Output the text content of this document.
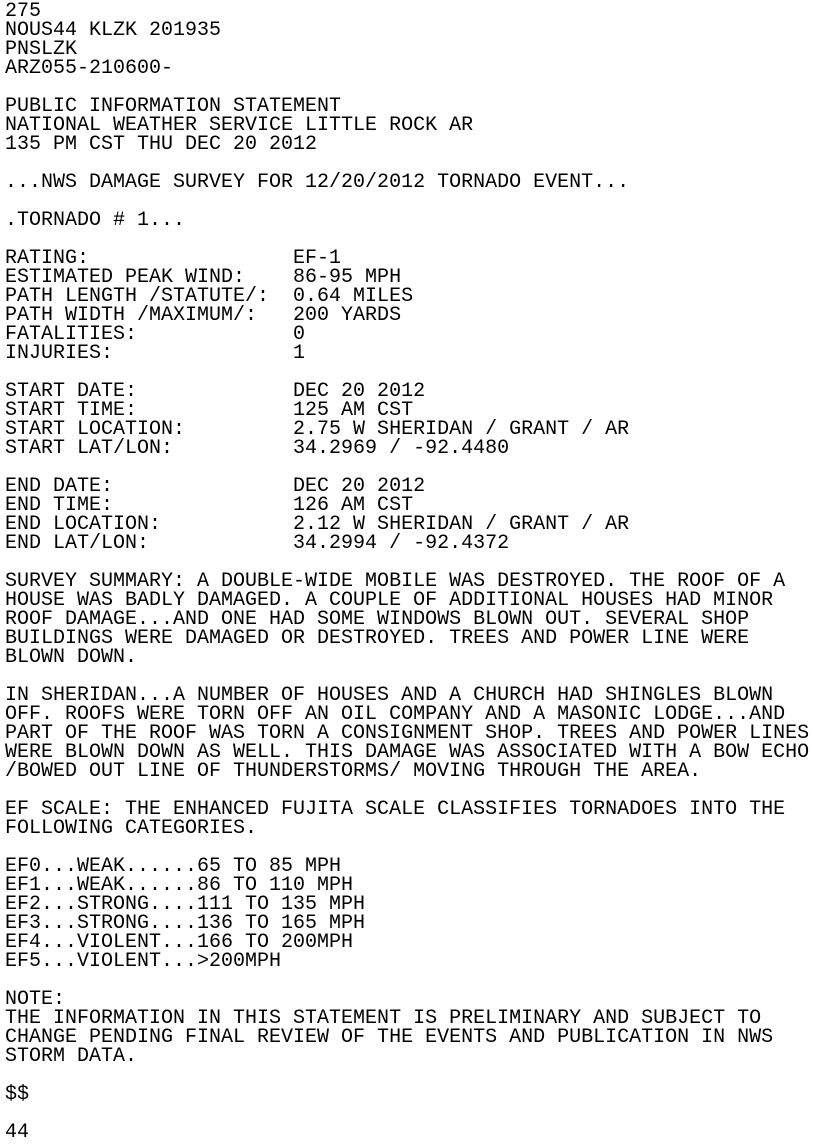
275
NOUS44 KLZK 201935
PNSLZK
ARZ055-210600-
PUBLIC INFORMATION STATEMENT
NATIONAL WEATHER SERVICE LITTLE ROCK AR
135 PM CST THU DEC 20 2012
...NWS DAMAGE SURVEY FOR 12/20/2012 TORNADO EVENT...
.TORNADO # 1...
RATING:                 EF-1
ESTIMATED PEAK WIND:    86-95 MPH
PATH LENGTH /STATUTE/:  0.64 MILES
PATH WIDTH /MAXIMUM/:   200 YARDS
FATALITIES:             0
INJURIES:               1
START DATE:             DEC 20 2012
START TIME:             125 AM CST
START LOCATION:         2.75 W SHERIDAN / GRANT / AR
START LAT/LON:          34.2969 / -92.4480
END DATE:               DEC 20 2012
END TIME:               126 AM CST
END LOCATION:           2.12 W SHERIDAN / GRANT / AR
END LAT/LON:            34.2994 / -92.4372
SURVEY SUMMARY: A DOUBLE-WIDE MOBILE WAS DESTROYED. THE ROOF OF A
HOUSE WAS BADLY DAMAGED. A COUPLE OF ADDITIONAL HOUSES HAD MINOR
ROOF DAMAGE...AND ONE HAD SOME WINDOWS BLOWN OUT. SEVERAL SHOP
BUILDINGS WERE DAMAGED OR DESTROYED. TREES AND POWER LINE WERE
BLOWN DOWN.
IN SHERIDAN...A NUMBER OF HOUSES AND A CHURCH HAD SHINGLES BLOWN
OFF. ROOFS WERE TORN OFF AN OIL COMPANY AND A MASONIC LODGE...AND
PART OF THE ROOF WAS TORN A CONSIGNMENT SHOP. TREES AND POWER LINES
WERE BLOWN DOWN AS WELL. THIS DAMAGE WAS ASSOCIATED WITH A BOW ECHO
/BOWED OUT LINE OF THUNDERSTORMS/ MOVING THROUGH THE AREA.
EF SCALE: THE ENHANCED FUJITA SCALE CLASSIFIES TORNADOES INTO THE
FOLLOWING CATEGORIES.
EF0...WEAK......65 TO 85 MPH
EF1...WEAK......86 TO 110 MPH
EF2...STRONG....111 TO 135 MPH
EF3...STRONG....136 TO 165 MPH
EF4...VIOLENT...166 TO 200MPH
EF5...VIOLENT...>200MPH
NOTE:
THE INFORMATION IN THIS STATEMENT IS PRELIMINARY AND SUBJECT TO
CHANGE PENDING FINAL REVIEW OF THE EVENTS AND PUBLICATION IN NWS
STORM DATA.
$$
44
